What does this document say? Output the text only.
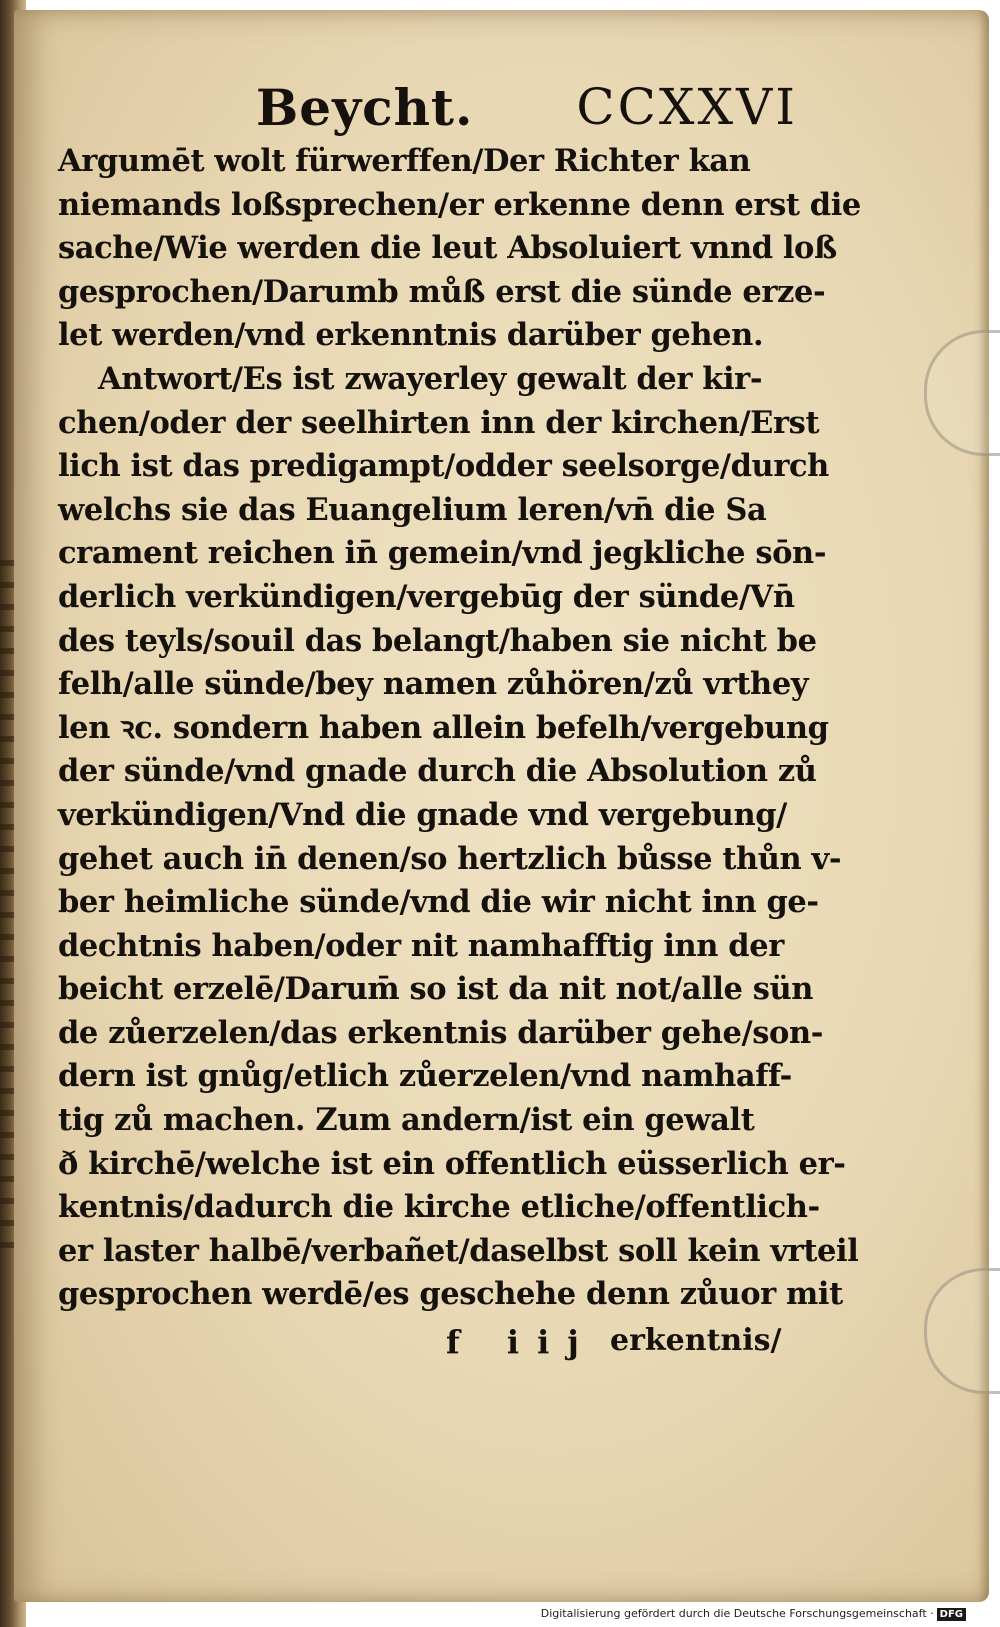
Beycht. CCXXVI
Argumēt wolt fürwerffen/Der Richter kan
niemands loßsprechen/er erkenne denn erst die
sache/Wie werden die leut Absoluiert vnnd loß
gesprochen/Darumb můß erst die sünde erze-
let werden/vnd erkenntnis darüber gehen.
Antwort/Es ist zwayerley gewalt der kir-
chen/oder der seelhirten inn der kirchen/Erst
lich ist das predigampt/odder seelsorge/durch
welchs sie das Euangelium leren/vn̄ die Sa
crament reichen in̄ gemein/vnd jegkliche sōn-
derlich verkündigen/vergebūg der sünde/Vn̄
des teyls/souil das belangt/haben sie nicht be
felh/alle sünde/bey namen zůhören/zů vrthey
len ꝛc. sondern haben allein befelh/vergebung
der sünde/vnd gnade durch die Absolution zů
verkündigen/Vnd die gnade vnd vergebung/
gehet auch in̄ denen/so hertzlich bůsse thůn v-
ber heimliche sünde/vnd die wir nicht inn ge-
dechtnis haben/oder nit namhafftig inn der
beicht erzelē/Darum̄ so ist da nit not/alle sün
de zůerzelen/das erkentnis darüber gehe/son-
dern ist gnůg/etlich zůerzelen/vnd namhaff-
tig zů machen. Zum andern/ist ein gewalt
ð kirchē/welche ist ein offentlich eüsserlich er-
kentnis/dadurch die kirche etliche/offentlich-
er laster halbē/verbañet/daselbst soll kein vrteil
gesprochen werdē/es geschehe denn zůuor mit
f iij erkentnis/
Digitalisierung gefördert durch die Deutsche Forschungsgemeinschaft · DFG
